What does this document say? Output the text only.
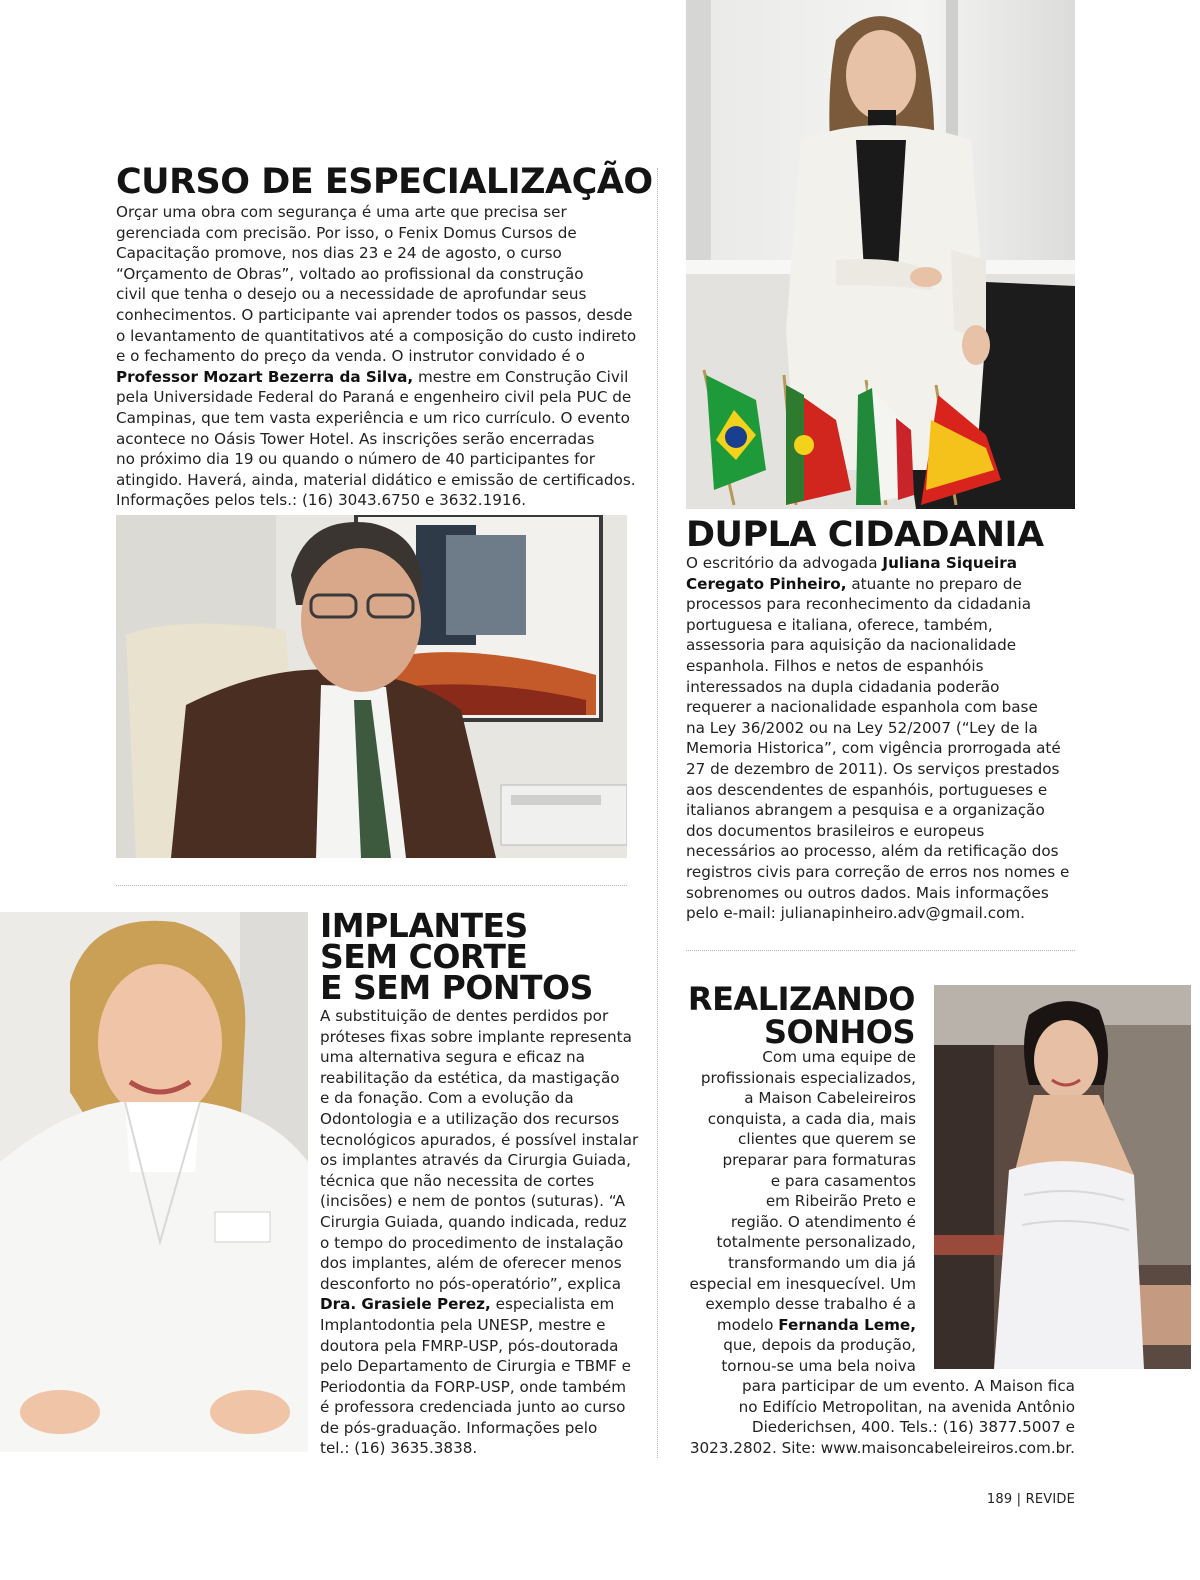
CURSO DE ESPECIALIZAÇÃO
Orçar uma obra com segurança é uma arte que precisa ser
gerenciada com precisão. Por isso, o Fenix Domus Cursos de
Capacitação promove, nos dias 23 e 24 de agosto, o curso
“Orçamento de Obras”, voltado ao profissional da construção
civil que tenha o desejo ou a necessidade de aprofundar seus
conhecimentos. O participante vai aprender todos os passos, desde
o levantamento de quantitativos até a composição do custo indireto
e o fechamento do preço da venda. O instrutor convidado é o
Professor Mozart Bezerra da Silva, mestre em Construção Civil
pela Universidade Federal do Paraná e engenheiro civil pela PUC de
Campinas, que tem vasta experiência e um rico currículo. O evento
acontece no Oásis Tower Hotel. As inscrições serão encerradas
no próximo dia 19 ou quando o número de 40 participantes for
atingido. Haverá, ainda, material didático e emissão de certificados.
Informações pelos tels.: (16) 3043.6750 e 3632.1916.
DUPLA CIDADANIA
O escritório da advogada Juliana Siqueira
Ceregato Pinheiro, atuante no preparo de
processos para reconhecimento da cidadania
portuguesa e italiana, oferece, também,
assessoria para aquisição da nacionalidade
espanhola. Filhos e netos de espanhóis
interessados na dupla cidadania poderão
requerer a nacionalidade espanhola com base
na Ley 36/2002 ou na Ley 52/2007 (“Ley de la
Memoria Historica”, com vigência prorrogada até
27 de dezembro de 2011). Os serviços prestados
aos descendentes de espanhóis, portugueses e
italianos abrangem a pesquisa e a organização
dos documentos brasileiros e europeus
necessários ao processo, além da retificação dos
registros civis para correção de erros nos nomes e
sobrenomes ou outros dados. Mais informações
pelo e-mail: julianapinheiro.adv@gmail.com.
IMPLANTES
SEM CORTE
E SEM PONTOS
A substituição de dentes perdidos por
próteses fixas sobre implante representa
uma alternativa segura e eficaz na
reabilitação da estética, da mastigação
e da fonação. Com a evolução da
Odontologia e a utilização dos recursos
tecnológicos apurados, é possível instalar
os implantes através da Cirurgia Guiada,
técnica que não necessita de cortes
(incisões) e nem de pontos (suturas). “A
Cirurgia Guiada, quando indicada, reduz
o tempo do procedimento de instalação
dos implantes, além de oferecer menos
desconforto no pós-operatório”, explica
Dra. Grasiele Perez, especialista em
Implantodontia pela UNESP, mestre e
doutora pela FMRP-USP, pós-doutorada
pelo Departamento de Cirurgia e TBMF e
Periodontia da FORP-USP, onde também
é professora credenciada junto ao curso
de pós-graduação. Informações pelo
tel.: (16) 3635.3838.
REALIZANDO
SONHOS
Com uma equipe de
profissionais especializados,
a Maison Cabeleireiros
conquista, a cada dia, mais
clientes que querem se
preparar para formaturas
e para casamentos
em Ribeirão Preto e
região. O atendimento é
totalmente personalizado,
transformando um dia já
especial em inesquecível. Um
exemplo desse trabalho é a
modelo Fernanda Leme,
que, depois da produção,
tornou-se uma bela noiva
para participar de um evento. A Maison fica
no Edifício Metropolitan, na avenida Antônio
Diederichsen, 400. Tels.: (16) 3877.5007 e
3023.2802. Site: www.maisoncabeleireiros.com.br.
189 | REVIDE
